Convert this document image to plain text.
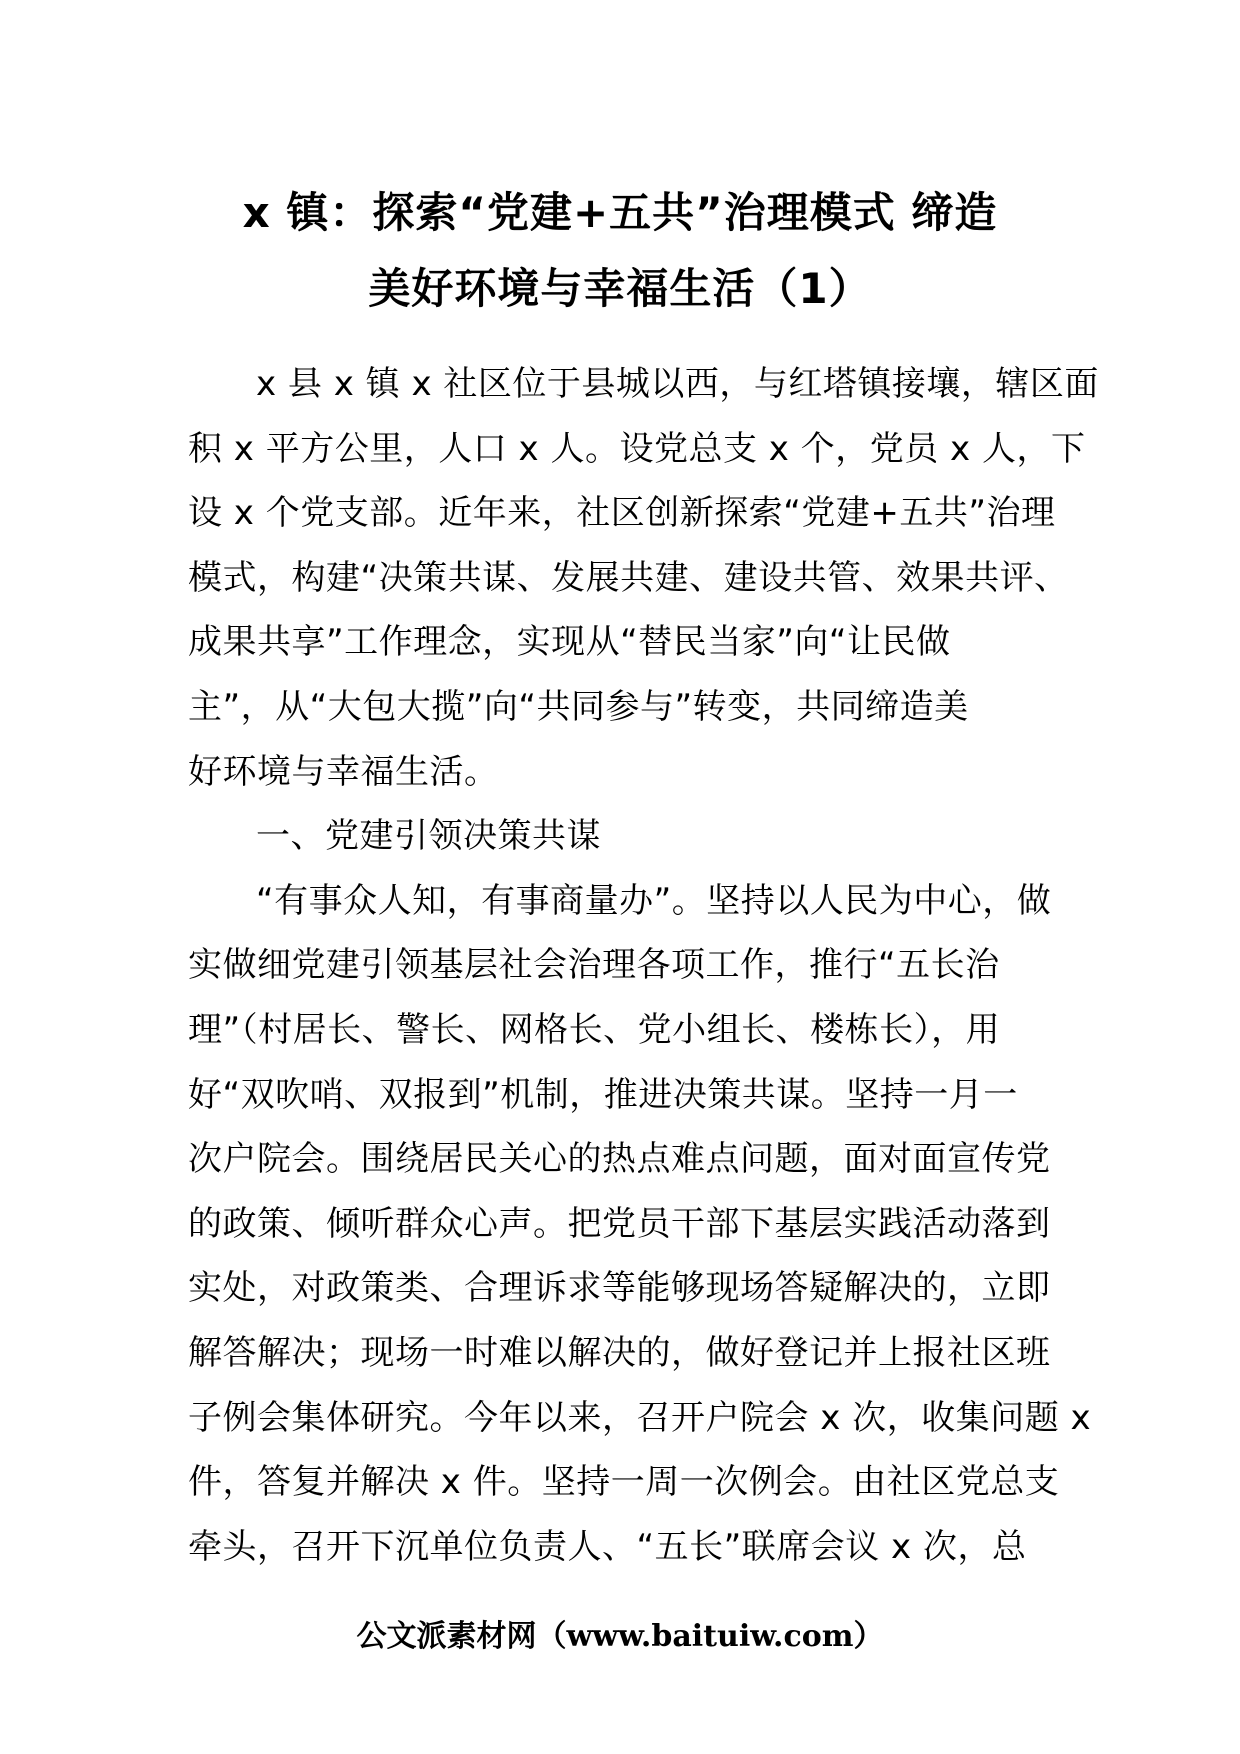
x 镇：探索“党建+五共”治理模式 缔造
美好环境与幸福生活（1）
x 县 x 镇 x 社区位于县城以西，与红塔镇接壤，辖区面
积 x 平方公里，人口 x 人。设党总支 x 个，党员 x 人，下
设 x 个党支部。近年来，社区创新探索“党建+五共”治理
模式，构建“决策共谋、发展共建、建设共管、效果共评、
成果共享”工作理念，实现从“替民当家”向“让民做
主”，从“大包大揽”向“共同参与”转变，共同缔造美
好环境与幸福生活。
一、党建引领决策共谋
“有事众人知，有事商量办”。坚持以人民为中心，做
实做细党建引领基层社会治理各项工作，推行“五长治
理”（村居长、警长、网格长、党小组长、楼栋长），用
好“双吹哨、双报到”机制，推进决策共谋。坚持一月一
次户院会。围绕居民关心的热点难点问题，面对面宣传党
的政策、倾听群众心声。把党员干部下基层实践活动落到
实处，对政策类、合理诉求等能够现场答疑解决的，立即
解答解决；现场一时难以解决的，做好登记并上报社区班
子例会集体研究。今年以来，召开户院会 x 次，收集问题 x
件，答复并解决 x 件。坚持一周一次例会。由社区党总支
牵头，召开下沉单位负责人、“五长”联席会议 x 次，总
公文派素材网（www.baituiw.com）
